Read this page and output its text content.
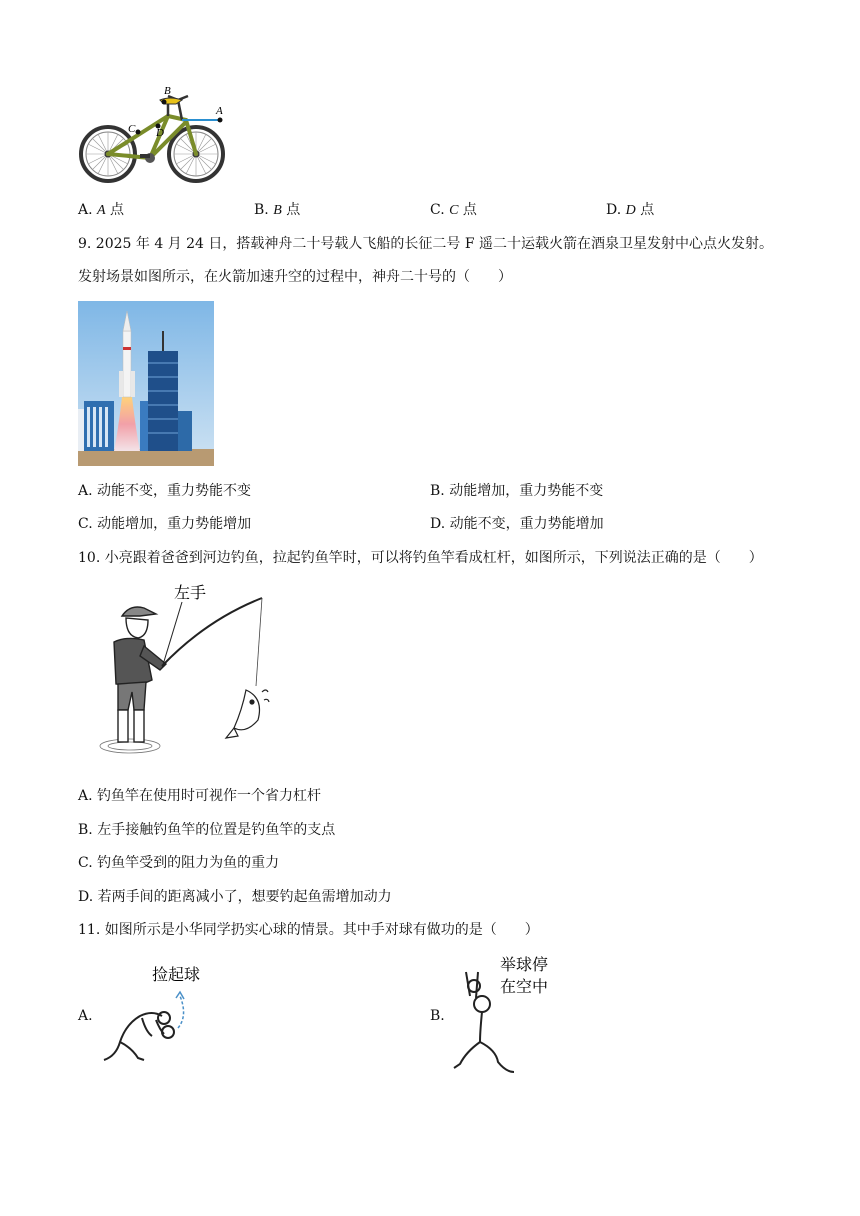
A
B
C D
A. A 点	B. B 点	C. C 点	D. D 点
9. 2025 年 4 月 24 日，搭载神舟二十号载人飞船的长征二号 F 遥二十运载火箭在酒泉卫星发射中心点火发射。
发射场景如图所示，在火箭加速升空的过程中，神舟二十号的（　　）
A. 动能不变，重力势能不变	B. 动能增加，重力势能不变
C. 动能增加，重力势能增加	D. 动能不变，重力势能增加
10. 小亮跟着爸爸到河边钓鱼，拉起钓鱼竿时，可以将钓鱼竿看成杠杆，如图所示，下列说法正确的是（　　）
左手
A. 钓鱼竿在使用时可视作一个省力杠杆
B. 左手接触钓鱼竿的位置是钓鱼竿的支点
C. 钓鱼竿受到的阻力为鱼的重力
D. 若两手间的距离减小了，想要钓起鱼需增加动力
11. 如图所示是小华同学扔实心球的情景。其中手对球有做功的是（　　）
A.
捡起球
B.
举球停
在空中
